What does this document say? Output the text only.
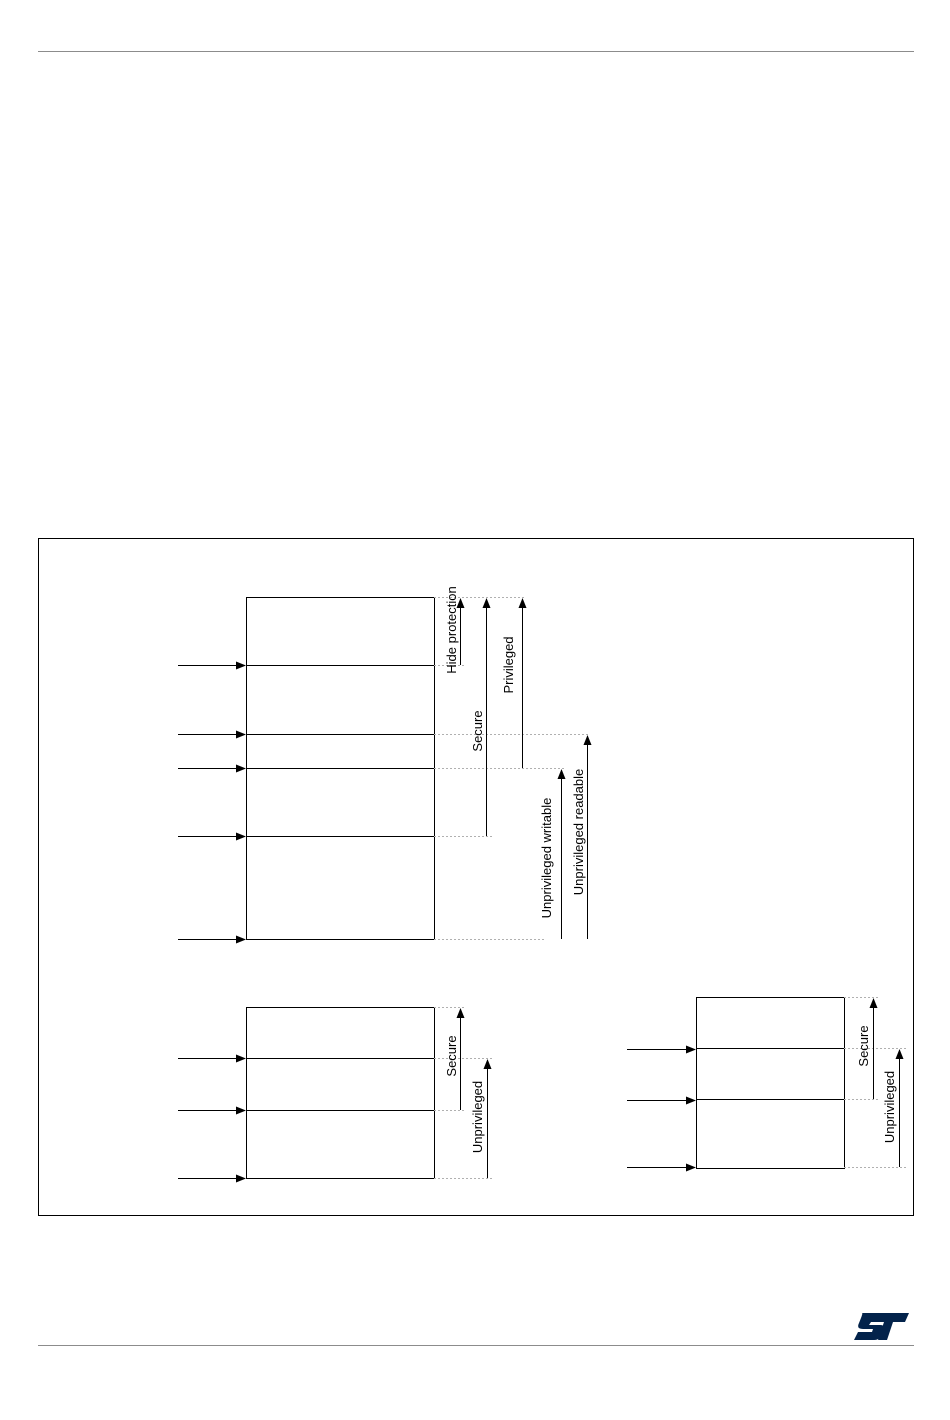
Hide protection
Secure
Privileged
Unprivileged writable Unprivileged readable
Secure
Unprivileged
Secure
Unprivileged
